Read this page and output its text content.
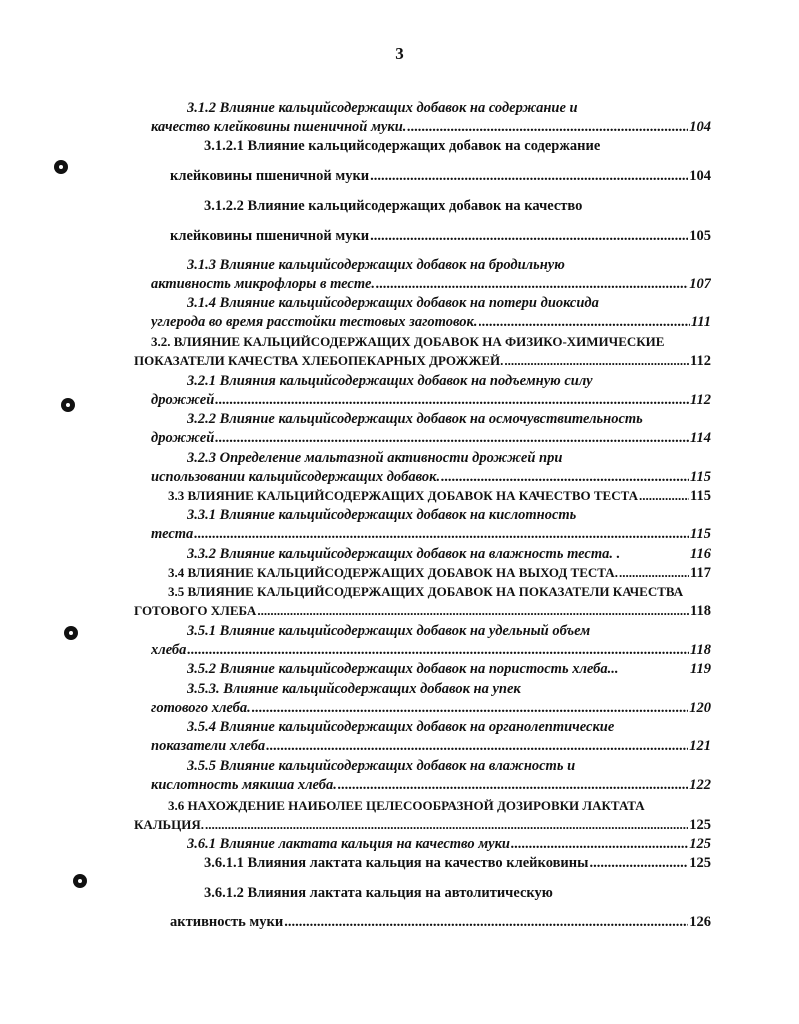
3
3.1.2 Влияние кальцийсодержащих добавок на содержание и
качество клейковины пшеничной муки. .....	104
3.1.2.1 Влияние кальцийсодержащих добавок на содержание
клейковины пшеничной муки .....	104
3.1.2.2 Влияние кальцийсодержащих добавок на качество
клейковины пшеничной муки .....	105
3.1.3 Влияние кальцийсодержащих добавок на бродильную
активность микрофлоры в тесте. .....	107
3.1.4 Влияние кальцийсодержащих добавок на потери диоксида
углерода во время расстойки тестовых заготовок. .....	111
3.2. ВЛИЯНИЕ КАЛЬЦИЙСОДЕРЖАЩИХ ДОБАВОК НА ФИЗИКО-ХИМИЧЕСКИЕ
ПОКАЗАТЕЛИ КАЧЕСТВА ХЛЕБОПЕКАРНЫХ ДРОЖЖЕЙ. .....	112
3.2.1 Влияния кальцийсодержащих добавок на подъемную силу
дрожжей .....	112
3.2.2 Влияние кальцийсодержащих добавок на осмочувствительность
дрожжей .....	114
3.2.3 Определение мальтазной активности дрожжей при
использовании кальцийсодержащих добавок. .....	115
3.3 ВЛИЯНИЕ КАЛЬЦИЙСОДЕРЖАЩИХ ДОБАВОК НА КАЧЕСТВО ТЕСТА .....	115
3.3.1 Влияние кальцийсодержащих добавок на кислотность
теста .....	115
3.3.2 Влияние кальцийсодержащих добавок на влажность теста. .	116
3.4 ВЛИЯНИЕ КАЛЬЦИЙСОДЕРЖАЩИХ ДОБАВОК НА ВЫХОД ТЕСТА. .....	117
3.5 ВЛИЯНИЕ КАЛЬЦИЙСОДЕРЖАЩИХ ДОБАВОК НА ПОКАЗАТЕЛИ КАЧЕСТВА
ГОТОВОГО ХЛЕБА .....	118
3.5.1 Влияние кальцийсодержащих добавок на удельный объем
хлеба .....	118
3.5.2 Влияние кальцийсодержащих добавок на пористость хлеба...	119
3.5.3. Влияние кальцийсодержащих добавок на упек
готового хлеба. .....	120
3.5.4 Влияние кальцийсодержащих добавок на органолептические
показатели хлеба .....	121
3.5.5 Влияние кальцийсодержащих добавок на влажность и
кислотность мякиша хлеба. .....	122
3.6 НАХОЖДЕНИЕ НАИБОЛЕЕ ЦЕЛЕСООБРАЗНОЙ ДОЗИРОВКИ ЛАКТАТА
КАЛЬЦИЯ. .....	125
3.6.1 Влияние лактата кальция на качество муки .....	125
3.6.1.1 Влияния лактата кальция на качество клейковины .....	125
3.6.1.2 Влияния лактата кальция на автолитическую
активность муки .....	126
